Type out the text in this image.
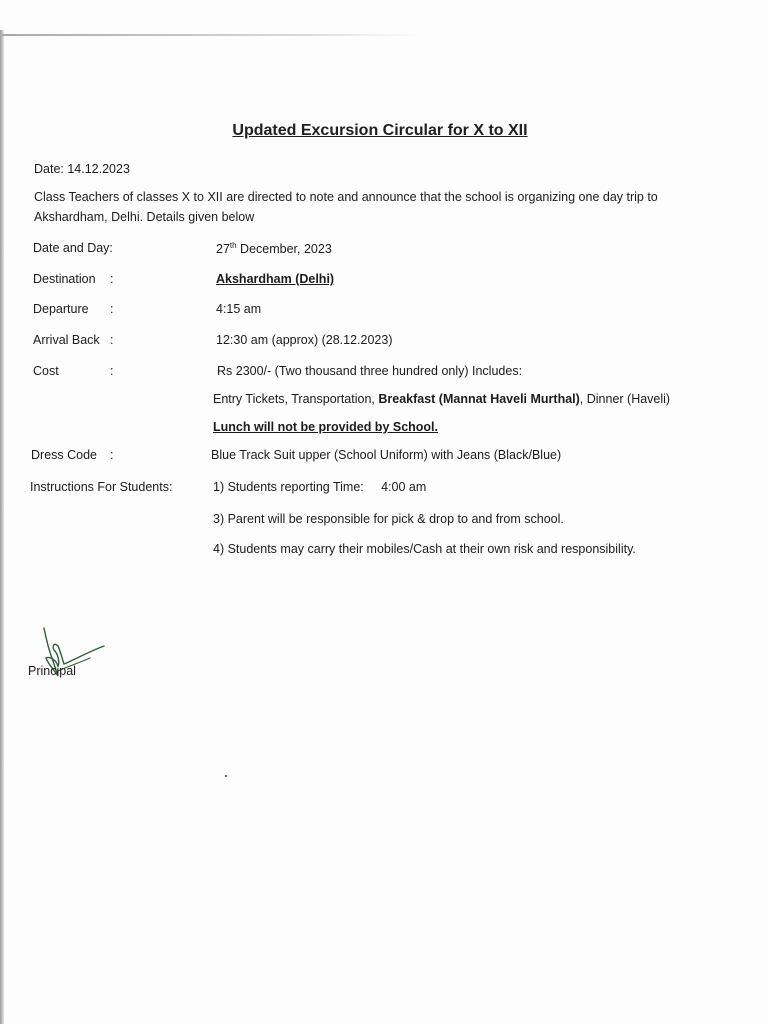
Updated Excursion Circular for X to XII
Date: 14.12.2023
Class Teachers of classes X to XII are directed to note and announce that the school is organizing one day trip to Akshardham, Delhi. Details given below
Date and Day:	27th December, 2023
Destination :	Akshardham (Delhi)
Departure :	4:15 am
Arrival Back :	12:30 am (approx) (28.12.2023)
Cost	:	Rs 2300/- (Two thousand three hundred only) Includes:
Entry Tickets, Transportation, Breakfast (Mannat Haveli Murthal), Dinner (Haveli)
Lunch will not be provided by School.
Dress Code :	Blue Track Suit upper (School Uniform) with Jeans (Black/Blue)
Instructions For Students:	1) Students reporting Time:     4:00 am
3) Parent will be responsible for pick & drop to and from school.
4) Students may carry their mobiles/Cash at their own risk and responsibility.
Principal
